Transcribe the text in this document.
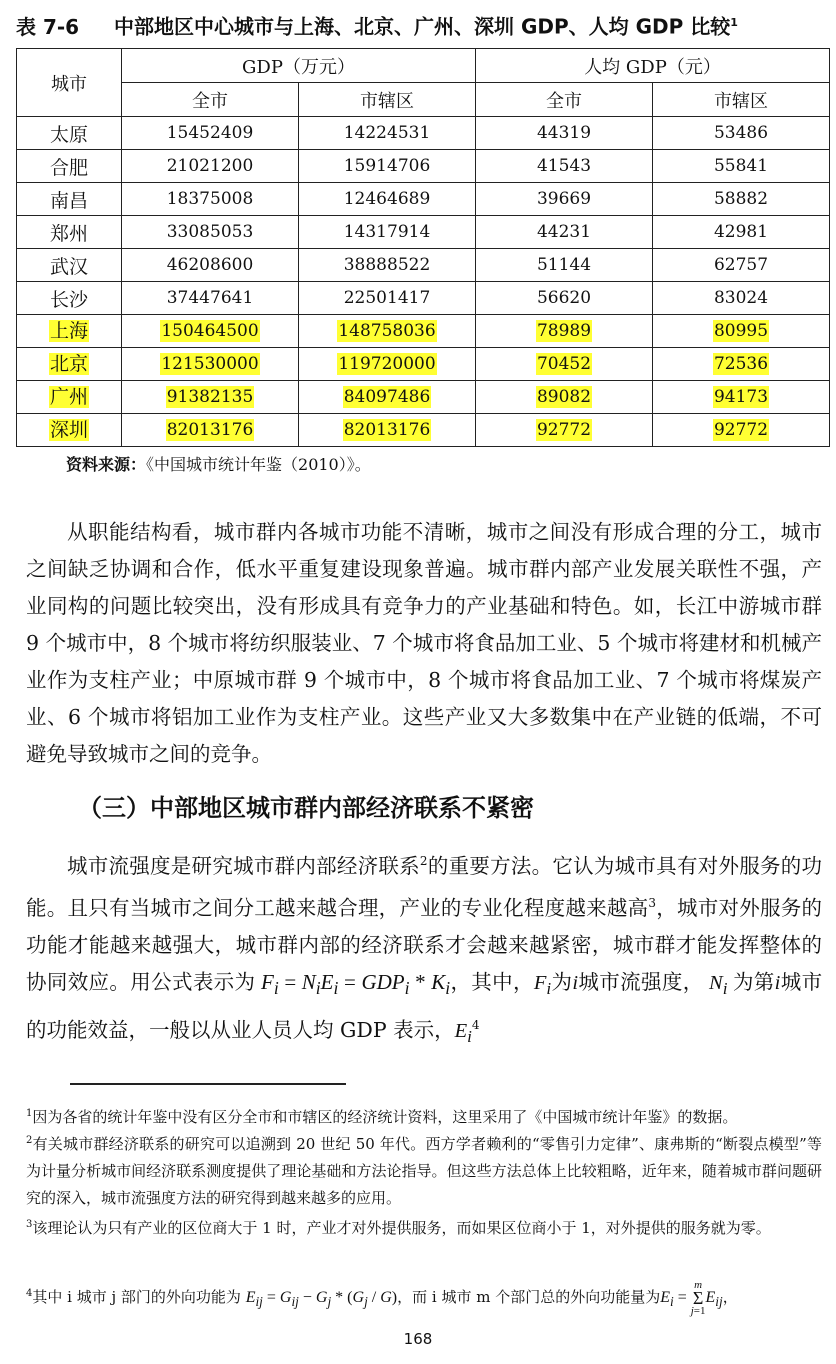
表 7-6 中部地区中心城市与上海、北京、广州、深圳 GDP、人均 GDP 比较$^1$
城市	GDP（万元）		人均 GDP（元）	
	全市	市辖区	全市	市辖区
太原	15452409	14224531	44319	53486
合肥	21021200	15914706	41543	55841
南昌	18375008	12464689	39669	58882
郑州	33085053	14317914	44231	42981
武汉	46208600	38888522	51144	62757
长沙	37447641	22501417	56620	83024
上海	150464500	148758036	78989	80995
北京	121530000	119720000	70452	72536
广州	91382135	84097486	89082	94173
深圳	82013176	82013176	92772	92772
资料来源：《中国城市统计年鉴（2010）》。

从职能结构看，城市群内各城市功能不清晰，城市之间没有形成合理的分工，城市之间缺乏协调和合作，低水平重复建设现象普遍。城市群内部产业发展关联性不强，产业同构的问题比较突出，没有形成具有竞争力的产业基础和特色。如，长江中游城市群 9 个城市中，8 个城市将纺织服装业、7 个城市将食品加工业、5 个城市将建材和机械产业作为支柱产业；中原城市群 9 个城市中，8 个城市将食品加工业、7 个城市将煤炭产业、6 个城市将铝加工业作为支柱产业。这些产业又大多数集中在产业链的低端，不可避免导致城市之间的竞争。

（三）中部地区城市群内部经济联系不紧密

城市流强度是研究城市群内部经济联系$^2$的重要方法。它认为城市具有对外服务的功能。且只有当城市之间分工越来越合理，产业的专业化程度越来越高$^3$，城市对外服务的功能才能越来越强大，城市群内部的经济联系才会越来越紧密，城市群才能发挥整体的协同效应。用公式表示为 $F_i = N_iE_i = GDP_i * K_i$，其中，$F_i$为i城市流强度， $N_i$ 为第i城市的功能效益，一般以从业人员人均 GDP 表示，$E_i^4$

$^1$因为各省的统计年鉴中没有区分全市和市辖区的经济统计资料，这里采用了《中国城市统计年鉴》的数据。
$^2$有关城市群经济联系的研究可以追溯到 20 世纪 50 年代。西方学者赖利的“零售引力定律”、康弗斯的“断裂点模型”等为计量分析城市间经济联系测度提供了理论基础和方法论指导。但这些方法总体上比较粗略，近年来，随着城市群问题研究的深入，城市流强度方法的研究得到越来越多的应用。
$^3$该理论认为只有产业的区位商大于 1 时，产业才对外提供服务，而如果区位商小于 1，对外提供的服务就为零。
$^4$其中 i 城市 j 部门的外向功能为 $E_{ij} = G_{ij} - G_j * (G_j / G)$，而 i 城市 m 个部门总的外向功能量为$E_i = m$
Σ
$j=1E_{ij}$，
168
